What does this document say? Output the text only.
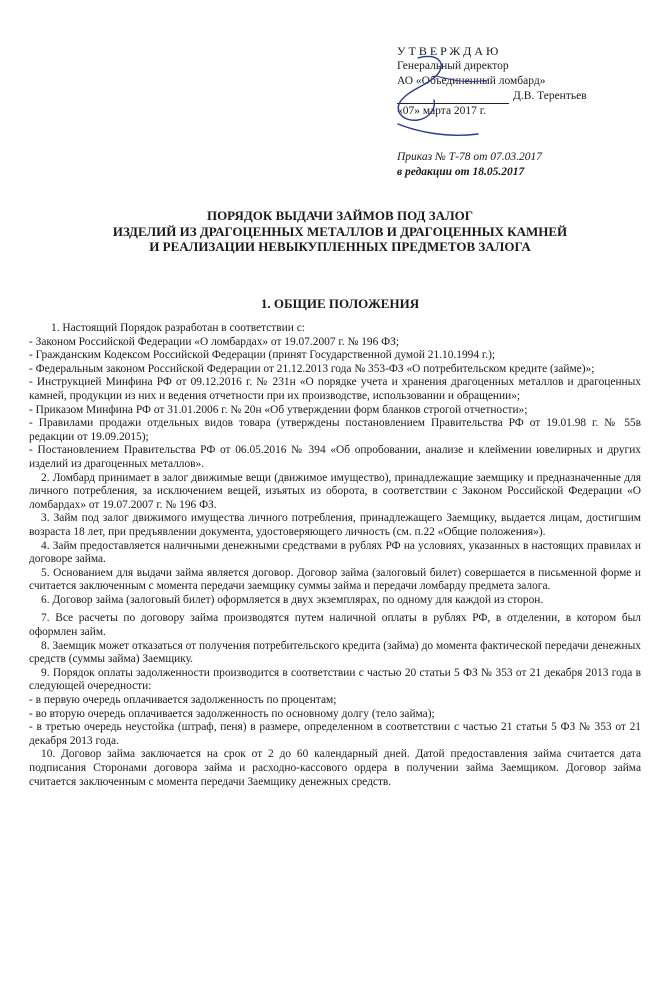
УТВЕРЖДАЮ
Генеральный директор
АО «Объединенный ломбард»
Д.В. Терентьев
«07» марта 2017 г.
Приказ № Т-78 от 07.03.2017
в редакции от 18.05.2017
ПОРЯДОК ВЫДАЧИ ЗАЙМОВ ПОД ЗАЛОГ
ИЗДЕЛИЙ ИЗ ДРАГОЦЕННЫХ МЕТАЛЛОВ И ДРАГОЦЕННЫХ КАМНЕЙ
И РЕАЛИЗАЦИИ НЕВЫКУПЛЕННЫХ ПРЕДМЕТОВ ЗАЛОГА
1. ОБЩИЕ ПОЛОЖЕНИЯ

1. Настоящий Порядок разработан в соответствии с:

- Законом Российской Федерации «О ломбардах» от 19.07.2007 г. № 196 ФЗ;

- Гражданским Кодексом Российской Федерации (принят Государственной думой 21.10.1994 г.);

- Федеральным законом Российской Федерации от 21.12.2013 года № 353-ФЗ «О потребительском кредите (займе)»;

- Инструкцией Минфина РФ от 09.12.2016 г. № 231н «О порядке учета и хранения драгоценных металлов и драгоценных камней, продукции из них и ведения отчетности при их производстве, использовании и обращении»;

- Приказом Минфина РФ от 31.01.2006 г. № 20н «Об утверждении форм бланков строгой отчетности»;

- Правилами продажи отдельных видов товара (утверждены постановлением Правительства РФ от 19.01.98 г. № 55в редакции от 19.09.2015);

- Постановлением Правительства РФ от 06.05.2016 № 394 «Об опробовании, анализе и клеймении ювелирных и других изделий из драгоценных металлов».

2. Ломбард принимает в залог движимые вещи (движимое имущество), принадлежащие заемщику и предназначенные для личного потребления, за исключением вещей, изъятых из оборота, в соответствии с Законом Российской Федерации «О ломбардах» от 19.07.2007 г. № 196 ФЗ.

3. Займ под залог движимого имущества личного потребления, принадлежащего Заемщику, выдается лицам, достигшим возраста 18 лет, при предъявлении документа, удостоверяющего личность (см. п.22 «Общие положения»).

4. Займ предоставляется наличными денежными средствами в рублях РФ на условиях, указанных в настоящих правилах и договоре займа.

5. Основанием для выдачи займа является договор. Договор займа (залоговый билет) совершается в письменной форме и считается заключенным с момента передачи заемщику суммы займа и передачи ломбарду предмета залога.

6. Договор займа (залоговый билет) оформляется в двух экземплярах, по одному для каждой из сторон.

7. Все расчеты по договору займа производятся путем наличной оплаты в рублях РФ, в отделении, в котором был оформлен займ.

8. Заемщик может отказаться от получения потребительского кредита (займа) до момента фактической передачи денежных средств (суммы займа) Заемщику.

9. Порядок оплаты задолженности производится в соответствии с частью 20 статьи 5 ФЗ № 353 от 21 декабря 2013 года в следующей очередности:

- в первую очередь оплачивается задолженность по процентам;

- во вторую очередь оплачивается задолженность по основному долгу (тело займа);

- в третью очередь неустойка (штраф, пеня) в размере, определенном в соответствии с частью 21 статьи 5 ФЗ № 353 от 21 декабря 2013 года.

10. Договор займа заключается на срок от 2 до 60 календарный дней. Датой предоставления займа считается дата подписания Сторонами договора займа и расходно-кассового ордера в получении займа Заемщиком. Договор займа считается заключенным с момента передачи Заемщику денежных средств.
